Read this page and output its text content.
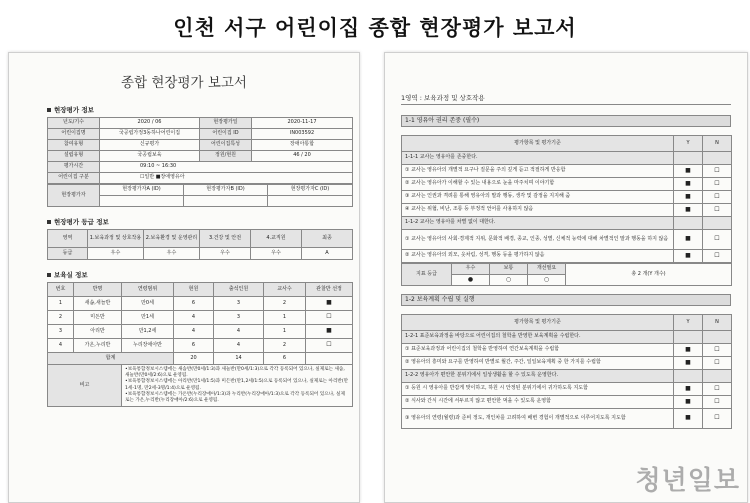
인천 서구 어린이집 종합 현장평가 보고서
종합 현장평가 보고서
현장평가 정보
년도/기수	2020 / 06	현장평가일	2020-11-17
어린이집명	국공립가정3동하나어린이집	어린이집 ID	IN003592
참여유형	신규평가	어린이집특성	장애아통합
설립유형	국공립보육	정원/현원	46 / 20
평가시간	09:10 ~ 16:30		
어린이집 구분	☐일반 ■장애영유아		
현장평가자	현장평가자A (ID)	현장평가자B (ID)	현장평가자C (ID)

현장평가 등급 정보
영역	1.보육과정 및 상호작용	2.보육환경 및 운영관리	3.건강 및 안전	4.교직원	최종
등급	우수	우수	우수	우수	A
보육실 정보
번호	반명	연령범위	현원	출석인원	교사수	관찰반 선정
1	새솜,새늘반	만0세	6	3	2	■
2	미든반	만1세	4	3	1	☐
3	아리반	만1,2세	4	4	1	■
4	가온,누리반	누리장애아반	6	4	2	☐
합계			20	14	6	
비고		•보육통합정보시스템에는 새솜반(만0세/1:3)과 새늘반(만0세/1:3)으로 각각 등록되어 있으나, 실제로는 새솜,새늘반(만0세/2:6)으로 운영됨.
•보육통합정보시스템에는 아리반(만1세/1:5)과 미든반(만1,2세/1:5)으로 등록되어 있으나, 실제로는 아리반(만1세-1명, 만2세-3명/1:4)으로 운영됨.
•보육통합정보시스템에는 가온반(누리장애아/1:3)과 누리반(누리장애아/1:3)으로 각각 등록되어 있으나, 실제로는 가온,누리반(누리장애아/2:6)으로 운영됨.				
1영역 : 보육과정 및 상호작용
1-1 영유아 권리 존중 (필수)
평가항목 및 평가기준	Y	N
1-1-1 교사는 영유아를 존중한다.		
① 교사는 영유아의 개별적 요구나 질문을 주의 깊게 듣고 적절하게 반응함	■	☐
② 교사는 영유아가 이해할 수 있는 내용으로 눈을 마주치며 이야기함	■	☐
③ 교사는 인권과 격려를 통해 영유아의 말과 행동, 생각 및 감정을 지지해 줌	■	☐
④ 교사는 위협, 비난, 조롱 등 부정적 언어를 사용하지 않음	■	☐
1-1-2 교사는 영유아를 차별 없이 대한다.		
① 교사는 영유아의 사회·경제적 지위, 문화적 배경, 종교, 인종, 성별, 신체적 능력에 대해 차별적인 말과 행동을 하지 않음	■	☐
② 교사는 영유아의 외모, 옷차림, 성격, 행동 등을 평가하지 않음	■	☐
지표 등급	우수	보통	개선필요	총 2 개(Y 개수)
	●	○	○	
1-2 보육계획 수립 및 실행
평가항목 및 평가기준	Y	N
1-2-1 표준보육과정을 바탕으로 어린이집의 철학을 반영한 보육계획을 수립한다.		
① 표준보육과정과 어린이집의 철학을 반영하여 연간보육계획을 수립함	■	☐
② 영유아의 흥미와 요구를 반영하여 반별로 월간, 주간, 일일보육계획 중 한 가지를 수립함	■	☐
1-2-2 영유아가 편안한 분위기에서 일상생활을 할 수 있도록 운영한다.		
① 등원 시 영유아를 반갑게 맞이하고, 하원 시 안정된 분위기에서 귀가하도록 지도함	■	☐
② 식사와 간식 시간에 서두르지 않고 편안한 먹을 수 있도록 운영함	■	☐
③ 영유아의 연령(월령)과 준비 정도, 개인차를 고려하여 배변 경험이 개별적으로 이루어지도록 지도함	■	☐
청년일보
